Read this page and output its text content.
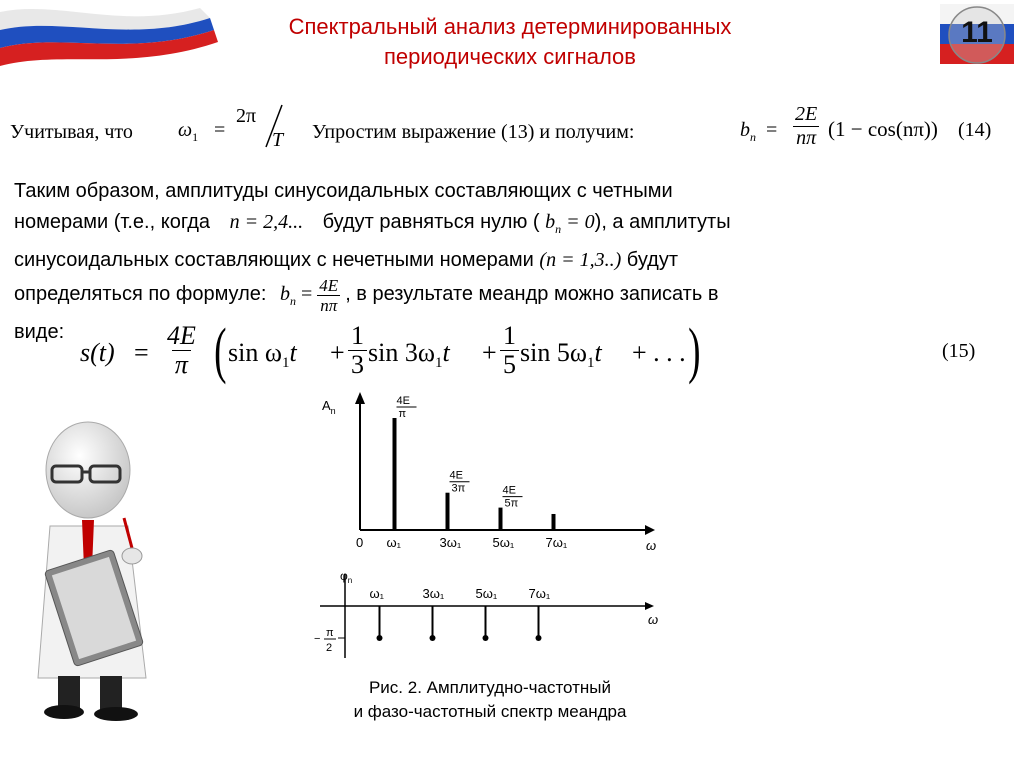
11
Спектральный анализ детерминированных
периодических сигналов
Учитывая, что $\omega_1$ =
2π
T Упростим выражение (13) и получим:	$b_n = \frac{2E}{n\pi} (1 - \cos(n\pi))$ (14)

Таким образом, амплитуды синусоидальных составляющих с четными

номерами (т.е., когда n = 2,4... будут равняться нулю ( $b_n = 0$), а амплитуты

синусоидальных составляющих с нечетными номерами (n = 1,3..) будут

определяться по формуле: $b_n = \frac{4E}{n\pi}$ , в результате меандр можно записать в

виде:

$s(t) = \frac{4E}{\pi}$ ( $\sin \omega_1t + \frac{1}{3}$ $\sin 3\omega_1t + \frac{1}{5}$ $\sin 5\omega_1t$ + . . . )	(15)
$A_n$
0	ω
ω₁
4E
π
3ω₁
4E
3π
5ω₁
4E
5π
7ω₁
$\varphi_n$
ω
− π
2
ω₁	3ω₁ 5ω₁ 7ω₁
Рис. 2. Амплитудно-частотный
и фазо-частотный спектр меандра
